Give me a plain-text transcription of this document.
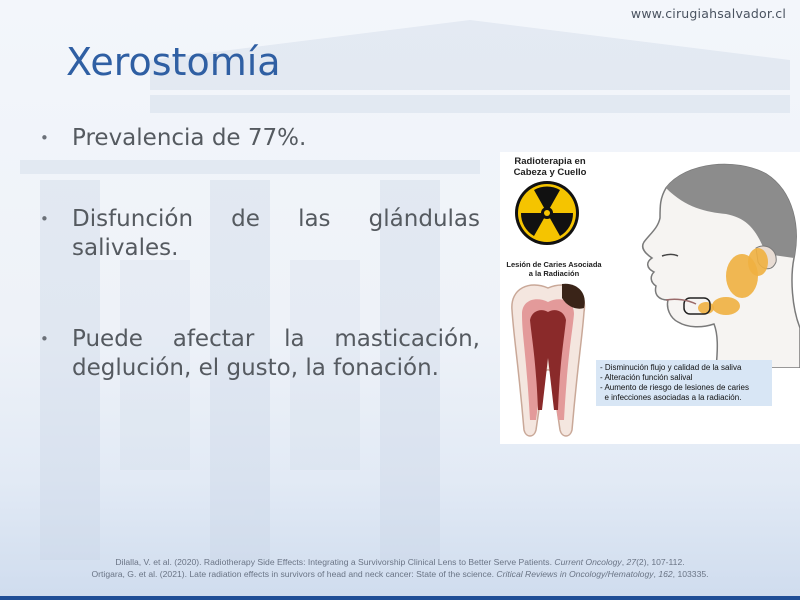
www.cirugiahsalvador.cl
Xerostomía
• Prevalencia de 77%.
• Disfunción de las glándulas salivales.
• Puede afectar la masticación, deglución, el gusto, la fonación.
Radioterapia en Cabeza y Cuello
Lesión de Caries Asociada a la Radiación
- Disminución flujo y calidad de la saliva
- Alteración función salival
- Aumento de riesgo de lesiones de caries
e infecciones asociadas a la radiación.
Dilalla, V. et al. (2020). Radiotherapy Side Effects: Integrating a Survivorship Clinical Lens to Better Serve Patients. Current Oncology, 27(2), 107-112.
Ortigara, G. et al. (2021). Late radiation effects in survivors of head and neck cancer: State of the science. Critical Reviews in Oncology/Hematology, 162, 103335.
